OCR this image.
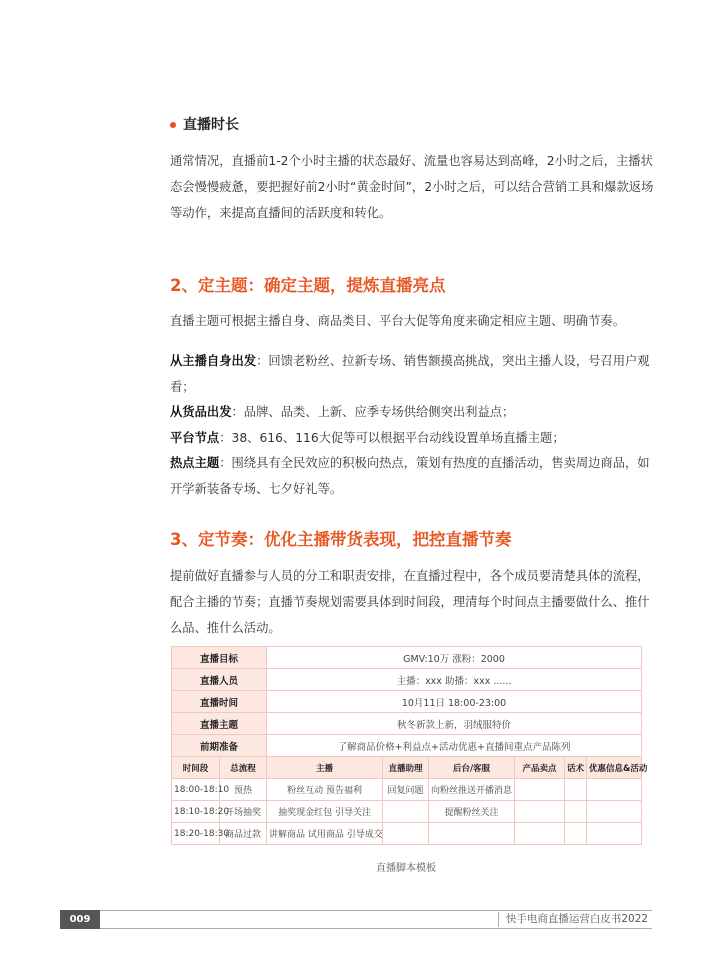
直播时长
通常情况，直播前1-2个小时主播的状态最好、流量也容易达到高峰，2小时之后，主播状态会慢慢疲惫，要把握好前2小时“黄金时间”，2小时之后，可以结合营销工具和爆款返场等动作，来提高直播间的活跃度和转化。
2、定主题：确定主题，提炼直播亮点
直播主题可根据主播自身、商品类目、平台大促等角度来确定相应主题、明确节奏。
从主播自身出发：回馈老粉丝、拉新专场、销售额摸高挑战，突出主播人设，号召用户观看；
从货品出发：品牌、品类、上新、应季专场供给侧突出利益点；
平台节点：38、616、116大促等可以根据平台动线设置单场直播主题；
热点主题：围绕具有全民效应的积极向热点，策划有热度的直播活动，售卖周边商品，如开学新装备专场、七夕好礼等。
3、定节奏：优化主播带货表现，把控直播节奏
提前做好直播参与人员的分工和职责安排，在直播过程中，各个成员要清楚具体的流程，配合主播的节奏；直播节奏规划需要具体到时间段，理清每个时间点主播要做什么、推什么品、推什么活动。
直播目标		GMV:10万 涨粉：2000					
直播人员		主播：xxx 助播：xxx ......					
直播时间		10月11日 18:00-23:00					
直播主题		秋冬新款上新，羽绒服特价					
前期准备		了解商品价格+利益点+活动优惠+直播间重点产品陈列					
时间段	总流程	主播	直播助理	后台/客服	产品卖点	话术	优惠信息&活动
18:00-18:10	预热	粉丝互动 预告福利	回复问题	向粉丝推送开播消息			
18:10-18:20	开场抽奖	抽奖现金红包 引导关注		提醒粉丝关注			
18:20-18:30	商品过款	讲解商品 试用商品 引导成交					
直播脚本模板
009	快手电商直播运营白皮书2022
